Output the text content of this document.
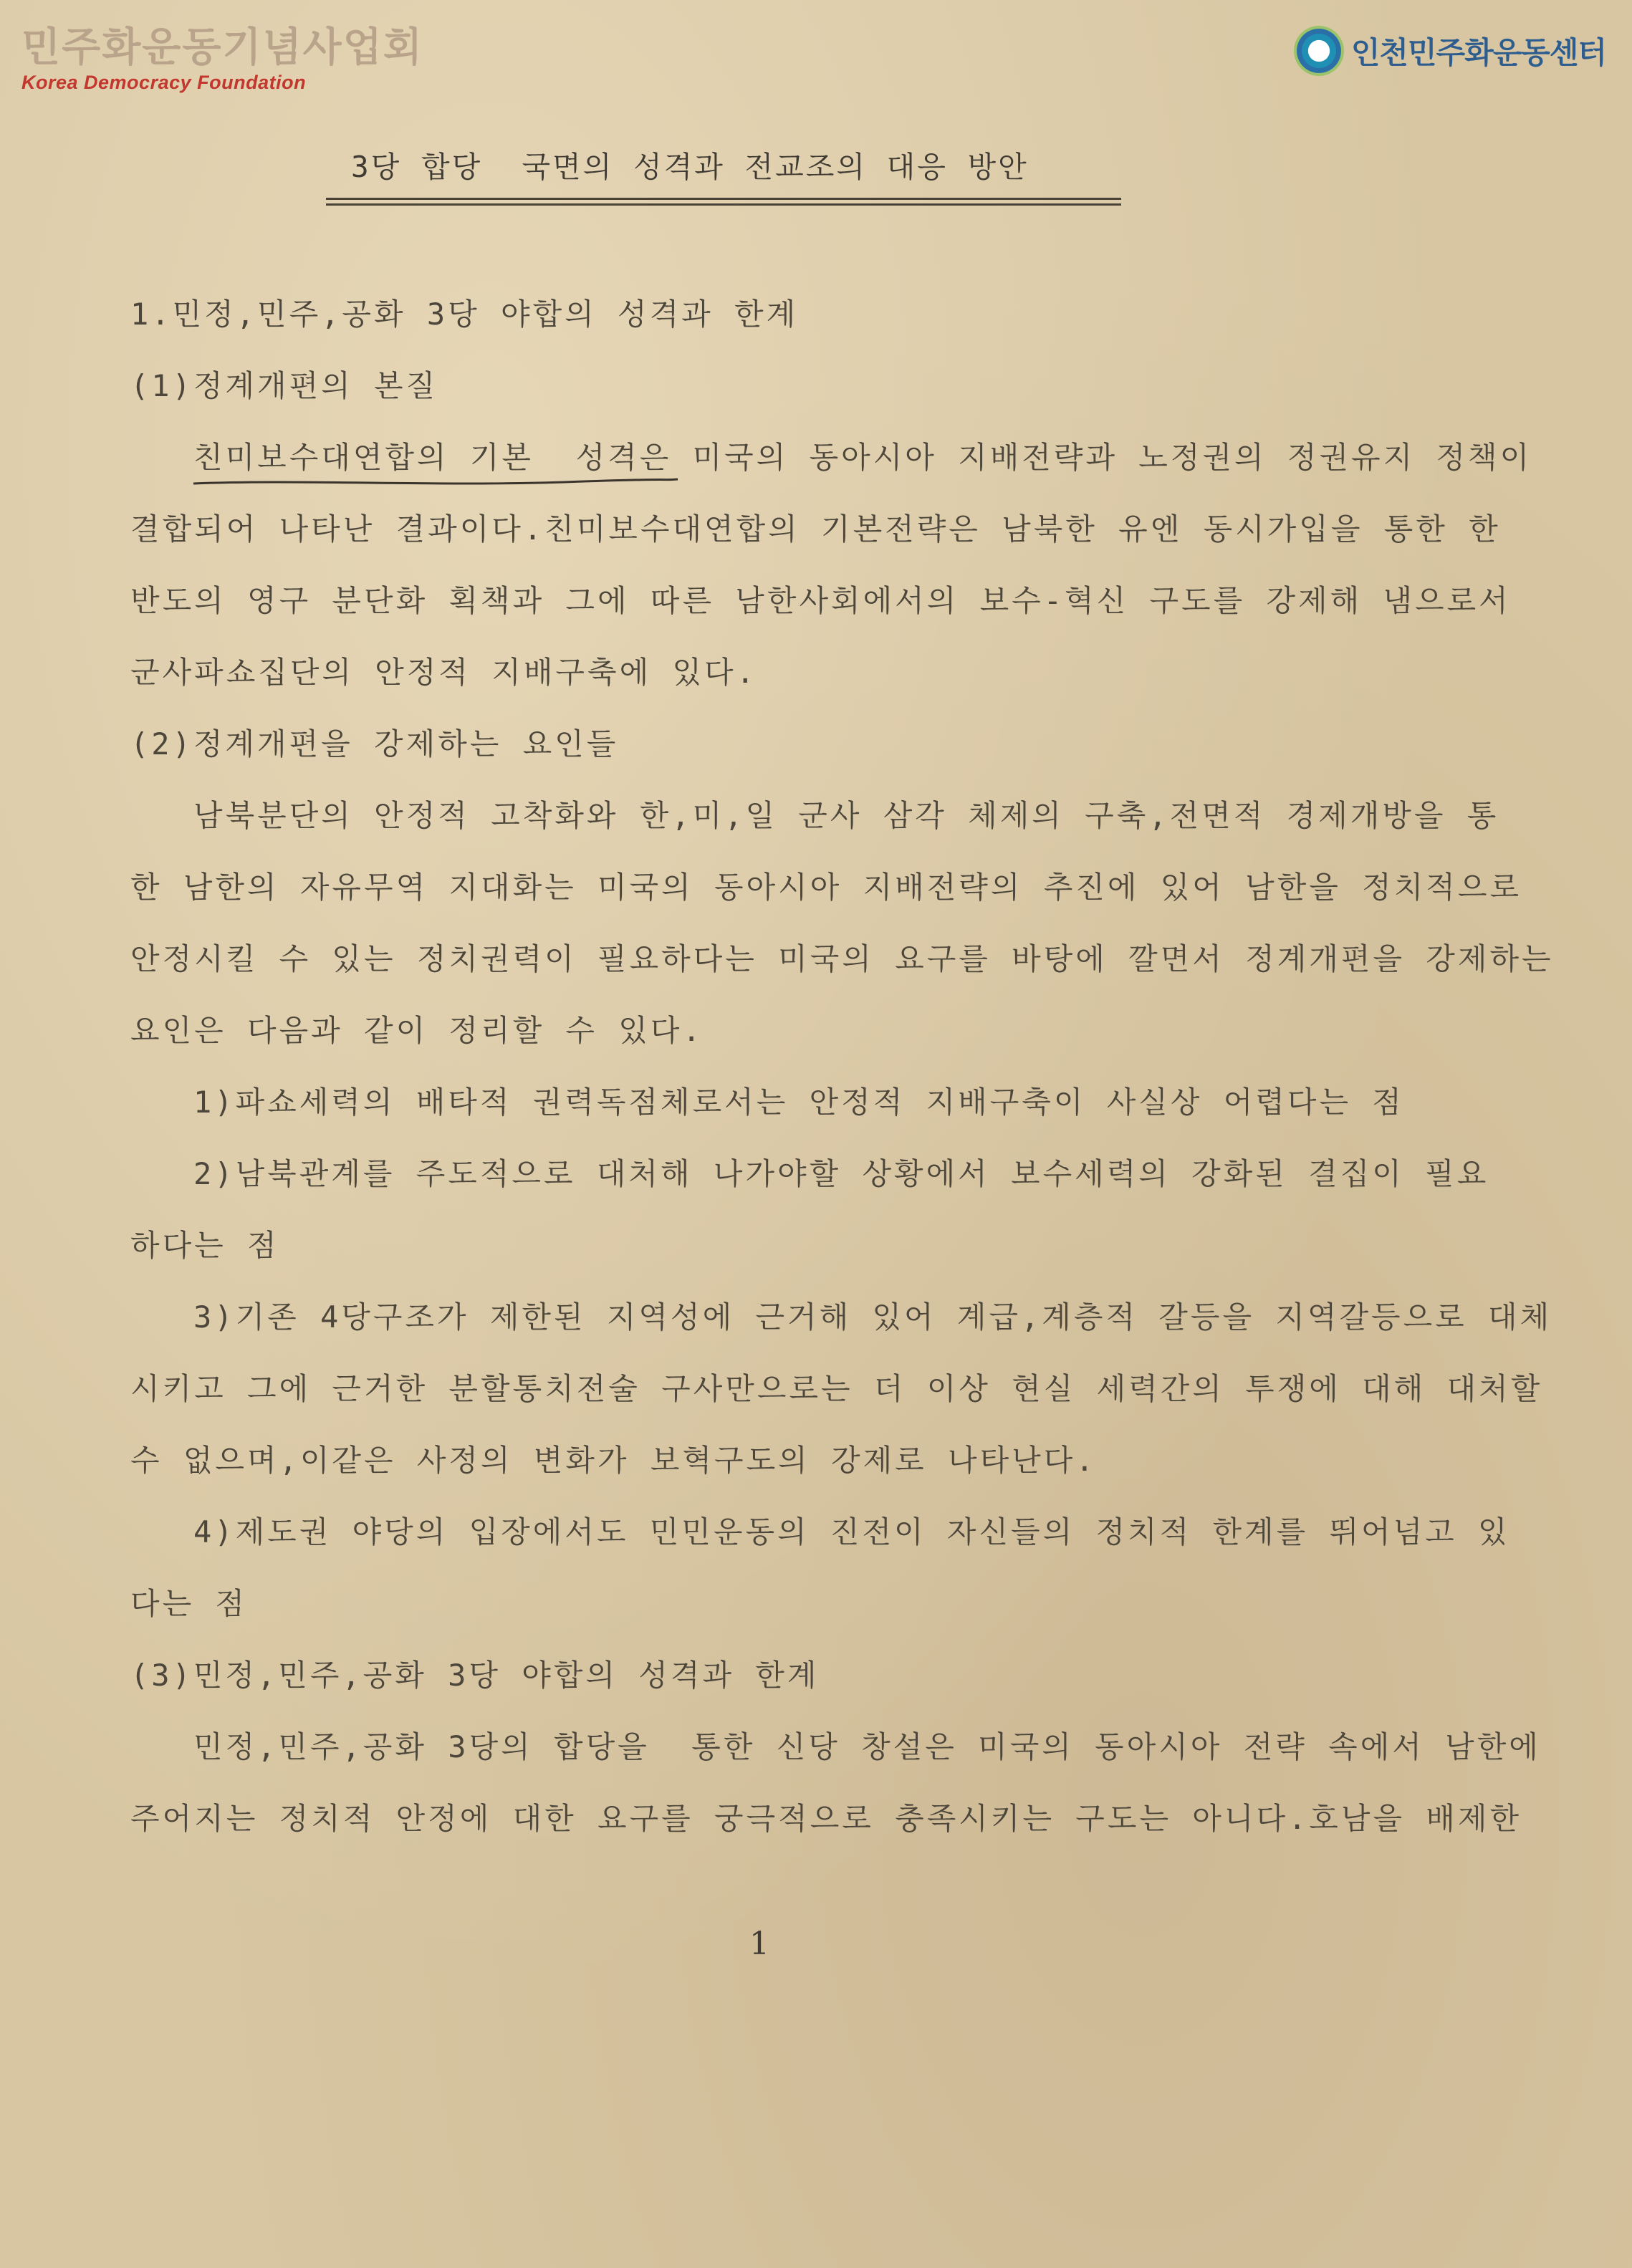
민주화운동기념사업회
Korea Democracy Foundation
인천민주화운동센터
3당 합당  국면의 성격과 전교조의 대응 방안
1.민정,민주,공화 3당 야합의 성격과 한계
(1)정계개편의 본질
친미보수대연합의 기본  성격은 미국의 동아시아 지배전략과 노정권의 정권유지 정책이
결합되어 나타난 결과이다.친미보수대연합의 기본전략은 남북한 유엔 동시가입을 통한 한
반도의 영구 분단화 획책과 그에 따른 남한사회에서의 보수-혁신 구도를 강제해 냄으로서
군사파쇼집단의 안정적 지배구축에 있다.
(2)정계개편을 강제하는 요인들
남북분단의 안정적 고착화와 한,미,일 군사 삼각 체제의 구축,전면적 경제개방을 통
한 남한의 자유무역 지대화는 미국의 동아시아 지배전략의 추진에 있어 남한을 정치적으로
안정시킬 수 있는 정치권력이 필요하다는 미국의 요구를 바탕에 깔면서 정계개편을 강제하는
요인은 다음과 같이 정리할 수 있다.
1)파쇼세력의 배타적 권력독점체로서는 안정적 지배구축이 사실상 어렵다는 점
2)남북관계를 주도적으로 대처해 나가야할 상황에서 보수세력의 강화된 결집이 필요
하다는 점
3)기존 4당구조가 제한된 지역성에 근거해 있어 계급,계층적 갈등을 지역갈등으로 대체
시키고 그에 근거한 분할통치전술 구사만으로는 더 이상 현실 세력간의 투쟁에 대해 대처할
수 없으며,이같은 사정의 변화가 보혁구도의 강제로 나타난다.
4)제도권 야당의 입장에서도 민민운동의 진전이 자신들의 정치적 한계를 뛰어넘고 있
다는 점
(3)민정,민주,공화 3당 야합의 성격과 한계
민정,민주,공화 3당의 합당을  통한 신당 창설은 미국의 동아시아 전략 속에서 남한에
주어지는 정치적 안정에 대한 요구를 궁극적으로 충족시키는 구도는 아니다.호남을 배제한
1
